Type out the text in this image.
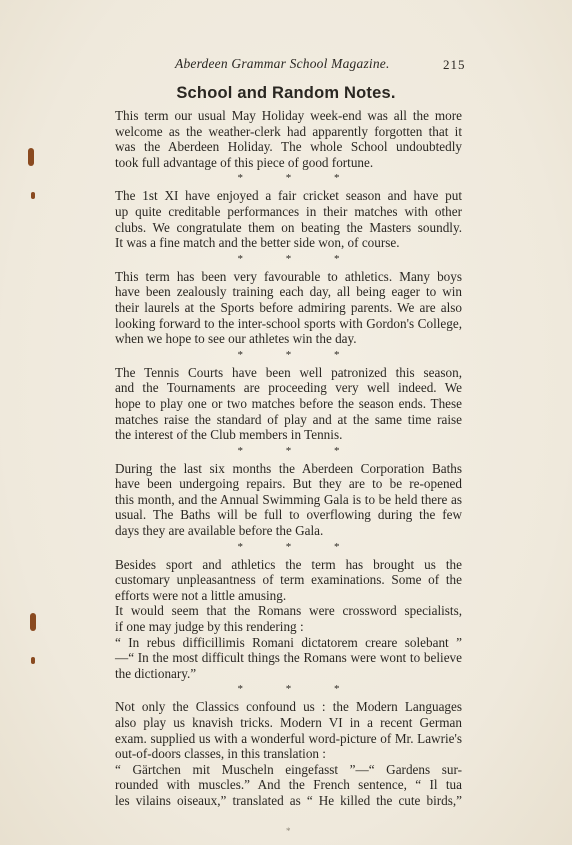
Aberdeen Grammar School Magazine.	215
School and Random Notes.

This term our usual May Holiday week-end was all the more
welcome as the weather-clerk had apparently forgotten that it
was the Aberdeen Holiday. The whole School undoubtedly
took full advantage of this piece of good fortune.

* * *

The 1st XI have enjoyed a fair cricket season and have put
up quite creditable performances in their matches with other
clubs. We congratulate them on beating the Masters soundly.
It was a fine match and the better side won, of course.

* * *

This term has been very favourable to athletics. Many boys
have been zealously training each day, all being eager to win
their laurels at the Sports before admiring parents. We are also
looking forward to the inter-school sports with Gordon's College,
when we hope to see our athletes win the day.

* * *

The Tennis Courts have been well patronized this season,
and the Tournaments are proceeding very well indeed. We
hope to play one or two matches before the season ends. These
matches raise the standard of play and at the same time raise
the interest of the Club members in Tennis.

* * *

During the last six months the Aberdeen Corporation Baths
have been undergoing repairs. But they are to be re-opened
this month, and the Annual Swimming Gala is to be held there as
usual. The Baths will be full to overflowing during the few
days they are available before the Gala.

* * *

Besides sport and athletics the term has brought us the
customary unpleasantness of term examinations. Some of the
efforts were not a little amusing.

It would seem that the Romans were crossword specialists,
if one may judge by this rendering :

“ In rebus difficillimis Romani dictatorem creare solebant ”
—“ In the most difficult things the Romans were wont to believe
the dictionary.”

* * *

Not only the Classics confound us : the Modern Languages
also play us knavish tricks. Modern VI in a recent German
exam. supplied us with a wonderful word-picture of Mr. Lawrie's
out-of-doors classes, in this translation :

“ Gärtchen mit Muscheln eingefasst ”—“ Gardens sur-
rounded with muscles.” And the French sentence, “ Il tua
les vilains oiseaux,” translated as “ He killed the cute birds,”

*
